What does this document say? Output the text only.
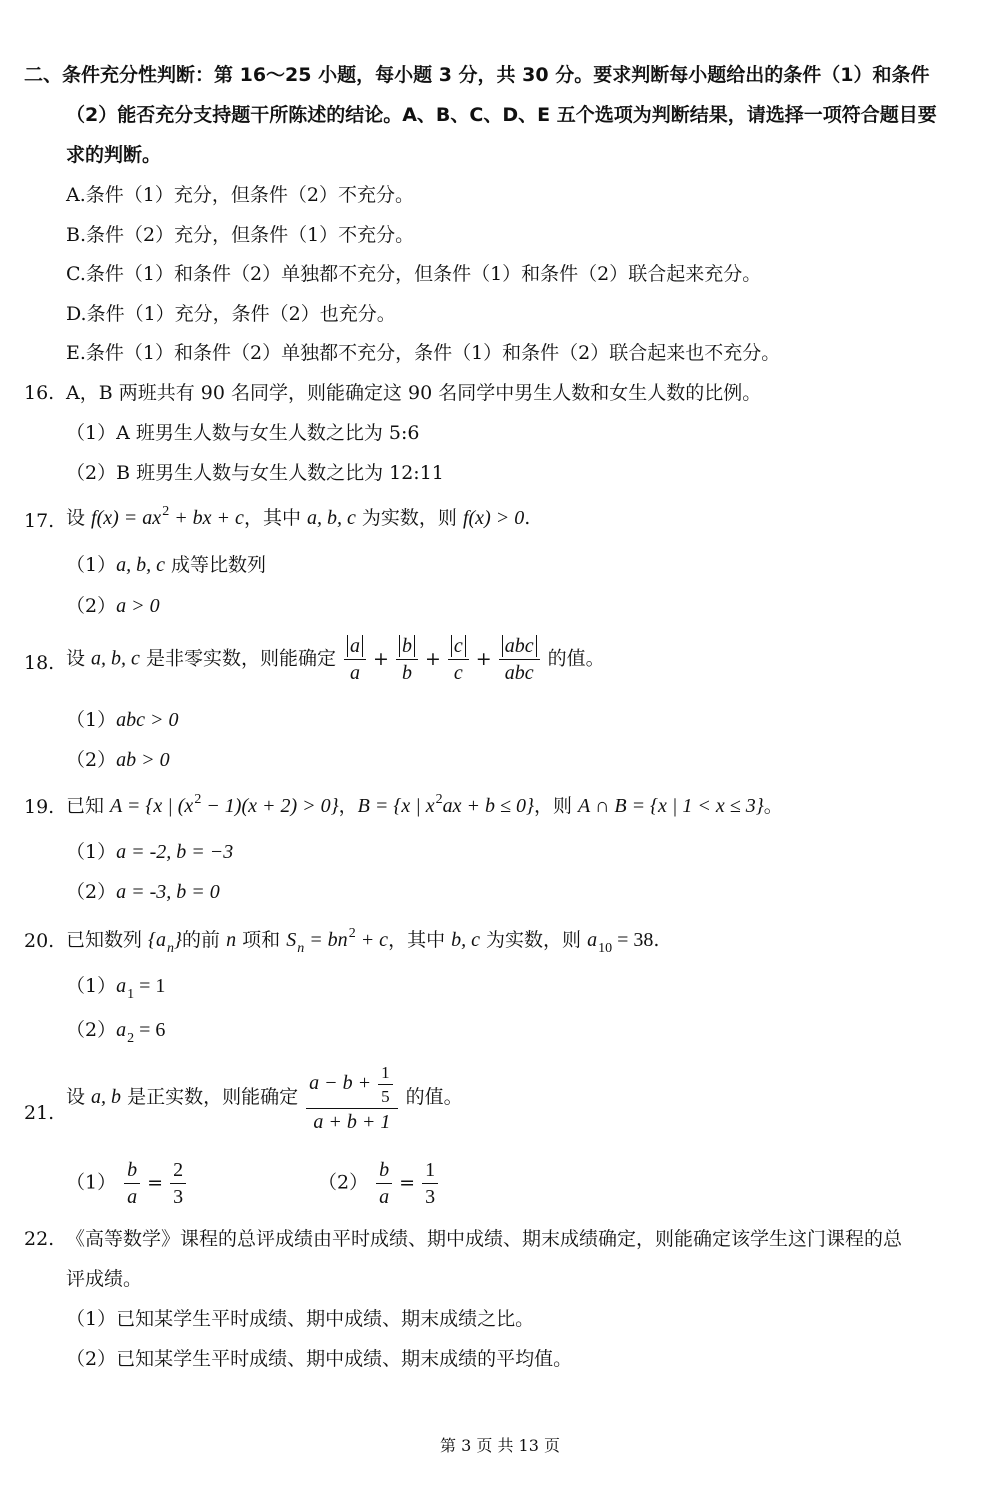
二、条件充分性判断：第 16～25 小题，每小题 3 分，共 30 分。要求判断每小题给出的条件（1）和条件
（2）能否充分支持题干所陈述的结论。A、B、C、D、E 五个选项为判断结果，请选择一项符合题目要
求的判断。
A.条件（1）充分，但条件（2）不充分。
B.条件（2）充分，但条件（1）不充分。
C.条件（1）和条件（2）单独都不充分，但条件（1）和条件（2）联合起来充分。
D.条件（1）充分，条件（2）也充分。
E.条件（1）和条件（2）单独都不充分，条件（1）和条件（2）联合起来也不充分。
16. A，B 两班共有 90 名同学，则能确定这 90 名同学中男生人数和女生人数的比例。
（1）A 班男生人数与女生人数之比为 5:6
（2）B 班男生人数与女生人数之比为 12:11
17. 设 $f(x) = ax^2$ + bx + c，其中 a, b, c 为实数，则 f(x) > 0.
（1）a, b, c 成等比数列
（2）a > 0
18. 设 a, b, c 是非零实数，则能确定 $\frac{a}{a} + \frac{b}{b} + \frac{c}{c} + \frac{\text{abc}}{\text{abc}}$ 的值。
（1）abc > 0
（2）ab > 0
19. 已知 A = {x | $(x^2 - 1)(x + 2) > 0$}，B = {x | $x^2ax + b \le 0$}，则 A ∩ B = {x | 1 < x ≤ 3}。
（1）a = -2, b = −3
（2）a = -3, b = 0
20. 已知数列 $\{a_n\}$的前 n 项和 $S_n = bn^2 + c$，其中 b, c 为实数，则 $a_{10} = 38$.
$(1)a_1 = 1$
$(2)a_2 = 6$
21.
设 a, b 是正实数，则能确定 $\frac{a - b + \frac{1}{5}}{a + b + 1}$ 的值。
$(1) \frac{b}{a} = \frac{2}{3}$	$(2) \frac{b}{a} = \frac{1}{3}$
22. 《高等数学》课程的总评成绩由平时成绩、期中成绩、期末成绩确定，则能确定该学生这门课程的总
评成绩。
（1）已知某学生平时成绩、期中成绩、期末成绩之比。
（2）已知某学生平时成绩、期中成绩、期末成绩的平均值。
第 3 页 共 13 页
